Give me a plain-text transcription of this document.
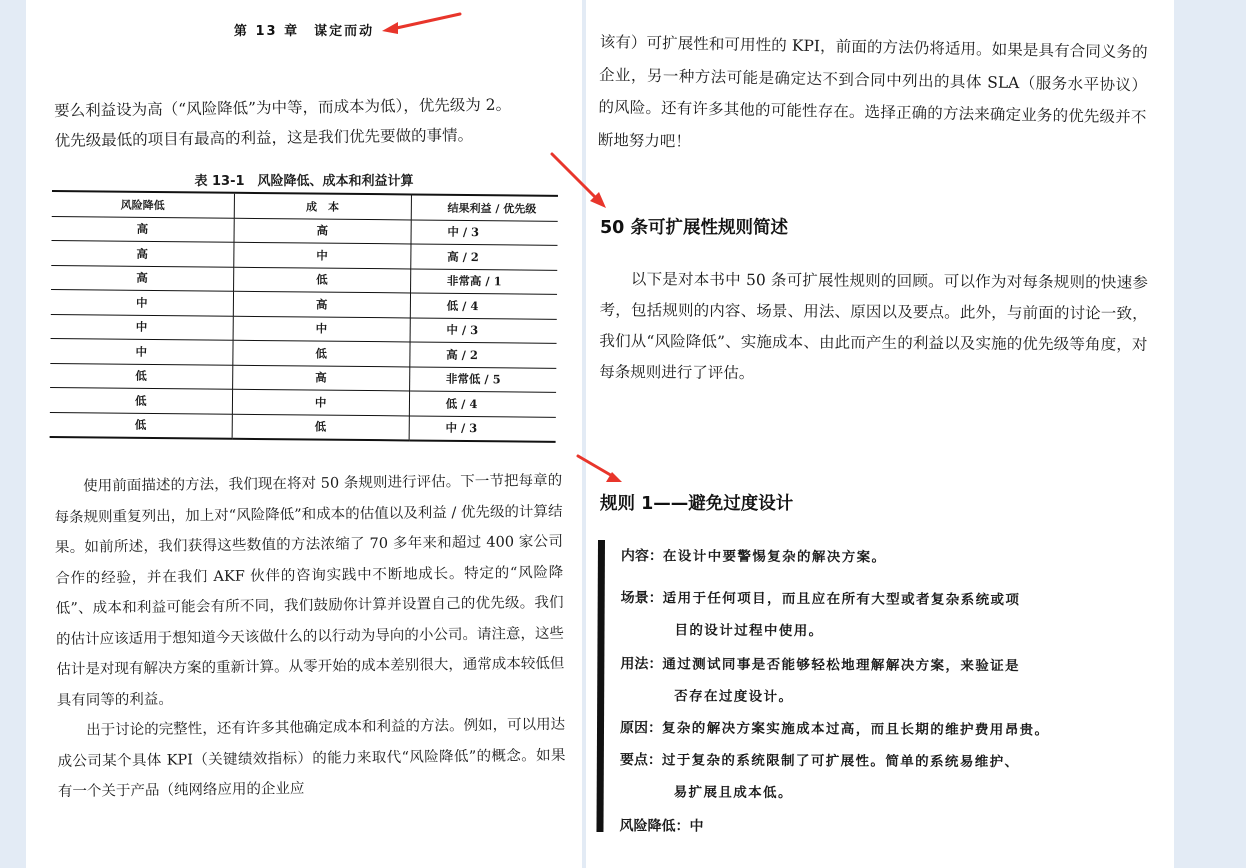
第 13 章　谋定而动

要么利益设为高（“风险降低”为中等，而成本为低），优先级为 2。

优先级最低的项目有最高的利益，这是我们优先要做的事情。

表 13-1　风险降低、成本和利益计算
风险降低	成　本	结果利益 / 优先级
高	高	中 / 3
高	中	高 / 2
高	低	非常高 / 1
中	高	低 / 4
中	中	中 / 3
中	低	高 / 2
低	高	非常低 / 5
低	中	低 / 4
低	低	中 / 3

使用前面描述的方法，我们现在将对 50 条规则进行评估。下一节把每章的每条规则重复列出，加上对“风险降低”和成本的估值以及利益 / 优先级的计算结果。如前所述，我们获得这些数值的方法浓缩了 70 多年来和超过 400 家公司合作的经验，并在我们 AKF 伙伴的咨询实践中不断地成长。特定的“风险降低”、成本和利益可能会有所不同，我们鼓励你计算并设置自己的优先级。我们的估计应该适用于想知道今天该做什么的以行动为导向的小公司。请注意，这些估计是对现有解决方案的重新计算。从零开始的成本差别很大，通常成本较低但具有同等的利益。

出于讨论的完整性，还有许多其他确定成本和利益的方法。例如，可以用达成公司某个具体 KPI（关键绩效指标）的能力来取代“风险降低”的概念。如果有一个关于产品（纯网络应用的企业应

该有）可扩展性和可用性的 KPI，前面的方法仍将适用。如果是具有合同义务的企业，另一种方法可能是确定达不到合同中列出的具体 SLA（服务水平协议）的风险。还有许多其他的可能性存在。选择正确的方法来确定业务的优先级并不断地努力吧！

50 条可扩展性规则简述

以下是对本书中 50 条可扩展性规则的回顾。可以作为对每条规则的快速参考，包括规则的内容、场景、用法、原因以及要点。此外，与前面的讨论一致，我们从“风险降低”、实施成本、由此而产生的利益以及实施的优先级等角度，对每条规则进行了评估。

规则 1——避免过度设计
内容：在设计中要警惕复杂的解决方案。
场景：适用于任何项目，而且应在所有大型或者复杂系统或项
目的设计过程中使用。
用法：通过测试同事是否能够轻松地理解解决方案，来验证是
否存在过度设计。
原因：复杂的解决方案实施成本过高，而且长期的维护费用昂贵。
要点：过于复杂的系统限制了可扩展性。简单的系统易维护、
易扩展且成本低。
风险降低：中
